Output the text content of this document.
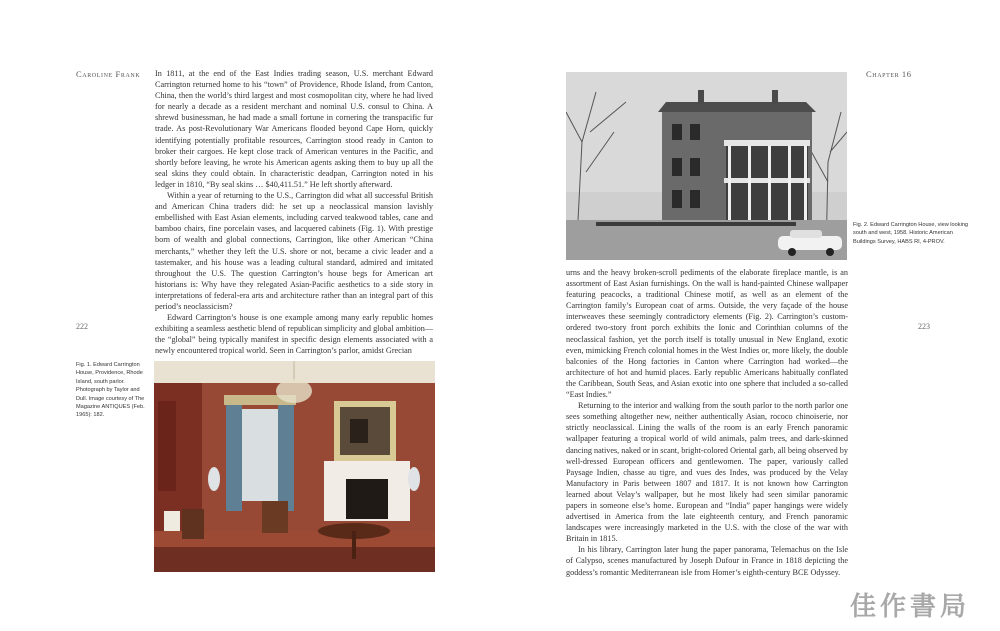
Caroline Frank In 1811, at the end of the East Indies trading season, U.S. merchant Edward Carrington returned home to his “town” of Providence, Rhode Island, from Canton, China, then the world’s third largest and most cosmopolitan city, where he had lived for nearly a decade as a resident merchant and nominal U.S. consul to China. A shrewd businessman, he had made a small fortune in cornering the transpacific fur trade. As post-Revolutionary War Americans flooded beyond Cape Horn, quickly identifying potentially profitable resources, Carrington stood ready in Canton to broker their cargoes. He kept close track of American ventures in the Pacific, and shortly before leaving, he wrote his American agents asking them to buy up all the seal skins they could obtain. In characteristic deadpan, Carrington noted in his ledger in 1810, “By seal skins … $40,411.51.” He left shortly afterward.

Within a year of returning to the U.S., Carrington did what all successful British and American China traders did: he set up a neoclassical mansion lavishly embellished with East Asian elements, including carved teakwood tables, cane and bamboo chairs, fine porcelain vases, and lacquered cabinets (Fig. 1). With prestige born of wealth and global connections, Carrington, like other American “China merchants,” whether they left the U.S. shore or not, became a civic leader and a tastemaker, and his house was a leading cultural standard, admired and imitated throughout the U.S. The question Carrington’s house begs for American art historians is: Why have they relegated Asian-Pacific aesthetics to a side story in interpretations of federal-era arts and architecture rather than an integral part of this period’s neoclassicism?

Edward Carrington’s house is one example among many early republic homes exhibiting a seamless aesthetic blend of republican simplicity and global ambition—the “global” being typically manifest in specific design elements associated with a newly encountered tropical world. Seen in Carrington’s parlor, amidst Grecian

222
Fig. 1. Edward Carrington House, Providence, Rhode Island, south parlor. Photograph by Taylor and Dull. Image courtesy of The Magazine ANTIQUES (Feb. 1965): 182.
Chapter 16
Fig. 2. Edward Carrington House, view looking south and west, 1958. Historic American Buildings Survey, HABS RI, 4-PROV.
223

urns and the heavy broken-scroll pediments of the elaborate fireplace mantle, is an assortment of East Asian furnishings. On the wall is hand-painted Chinese wallpaper featuring peacocks, a traditional Chinese motif, as well as an element of the Carrington family’s European coat of arms. Outside, the very façade of the house interweaves these seemingly contradictory elements (Fig. 2). Carrington’s custom-ordered two-story front porch exhibits the Ionic and Corinthian columns of the neoclassical fashion, yet the porch itself is totally unusual in New England, exotic even, mimicking French colonial homes in the West Indies or, more likely, the double balconies of the Hong factories in Canton where Carrington had worked—the architecture of hot and humid places. Early republic Americans habitually conflated the Caribbean, South Seas, and Asian exotic into one sphere that included a so-called “East Indies.”

Returning to the interior and walking from the south parlor to the north parlor one sees something altogether new, neither authentically Asian, rococo chinoiserie, nor strictly neoclassical. Lining the walls of the room is an early French panoramic wallpaper featuring a tropical world of wild animals, palm trees, and dark-skinned dancing natives, naked or in scant, bright-colored Oriental garb, all being observed by well-dressed European officers and gentlewomen. The paper, variously called Paysage Indien, chasse au tigre, and vues des Indes, was produced by the Velay Manufactory in Paris between 1807 and 1817. It is not known how Carrington learned about Velay’s wallpaper, but he most likely had seen similar panoramic papers in someone else’s home. European and “India” paper hangings were widely advertised in America from the late eighteenth century, and French panoramic landscapes were increasingly marketed in the U.S. with the close of the war with Britain in 1815.

In his library, Carrington later hung the paper panorama, Telemachus on the Isle of Calypso, scenes manufactured by Joseph Dufour in France in 1818 depicting the goddess’s romantic Mediterranean isle from Homer’s eighth-century BCE Odyssey.

佳作書局
